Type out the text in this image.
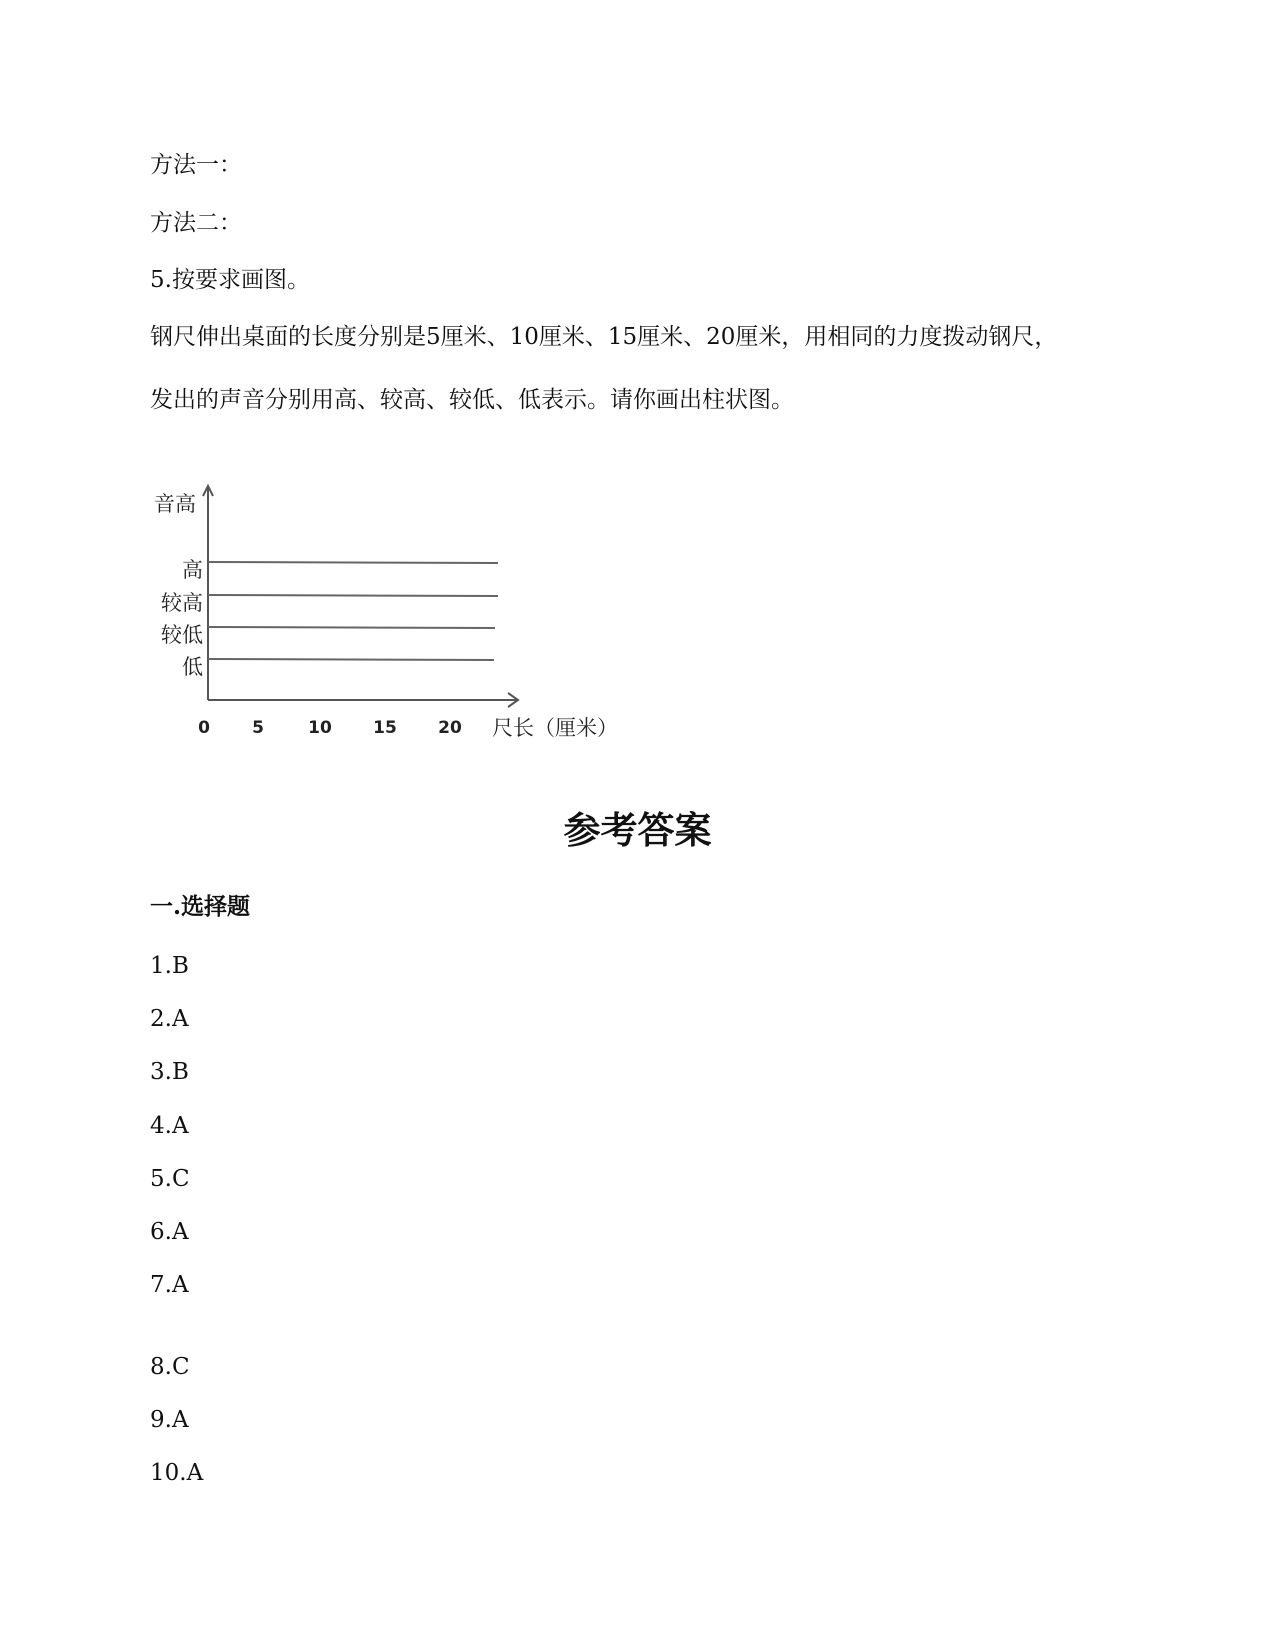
方法一：

方法二：

5.按要求画图。

钢尺伸出桌面的长度分别是5厘米、10厘米、15厘米、20厘米，用相同的力度拨动钢尺，

发出的声音分别用高、较高、较低、低表示。请你画出柱状图。

高
较高
较低
低
0 5	10 15 20
音高
尺长（厘米）
参考答案
一.选择题
1.B
2.A
3.B
4.A
5.C
6.A
7.A
8.C
9.A
10.A
